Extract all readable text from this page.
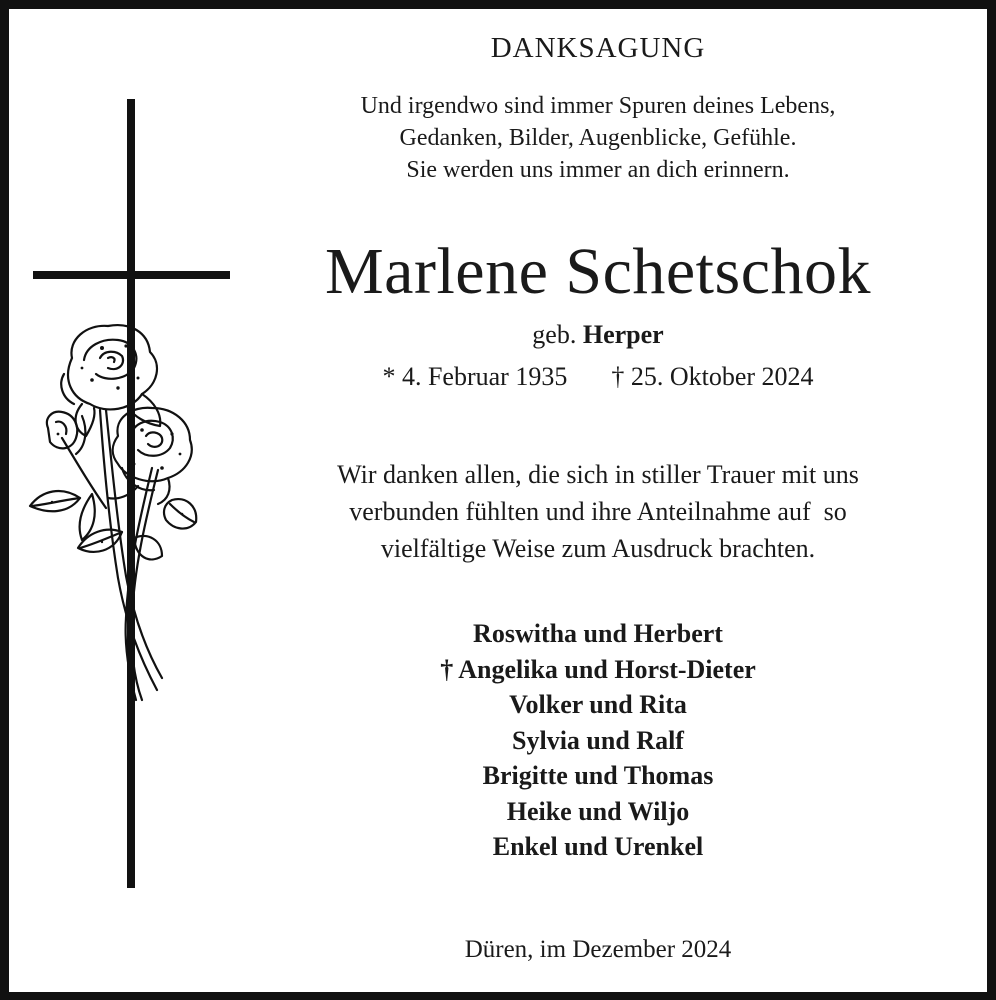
DANKSAGUNG
Und irgendwo sind immer Spuren deines Lebens,
Gedanken, Bilder, Augenblicke, Gefühle.
Sie werden uns immer an dich erinnern.
Marlene Schetschok
geb. Herper
* 4. Februar 1935 † 25. Oktober 2024
Wir danken allen, die sich in stiller Trauer mit uns
verbunden fühlten und ihre Anteilnahme auf  so
vielfältige Weise zum Ausdruck brachten.
Roswitha und Herbert
† Angelika und Horst-Dieter
Volker und Rita
Sylvia und Ralf
Brigitte und Thomas
Heike und Wiljo
Enkel und Urenkel
Düren, im Dezember 2024
